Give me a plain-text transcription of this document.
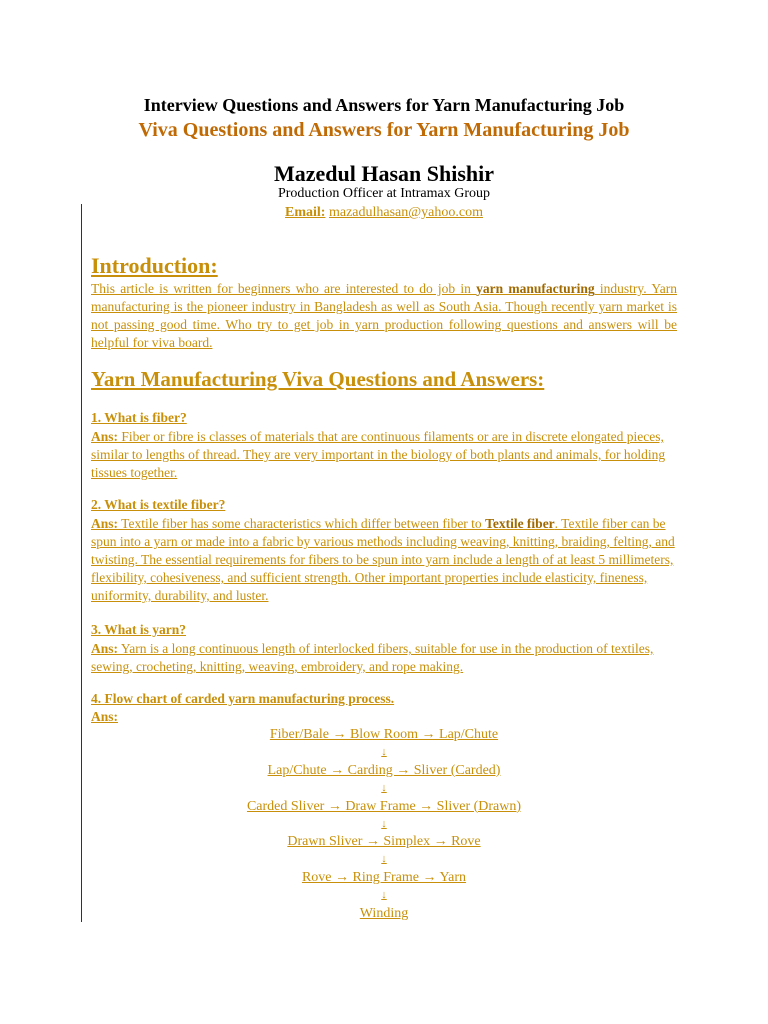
Interview Questions and Answers for Yarn Manufacturing Job
Viva Questions and Answers for Yarn Manufacturing Job
Mazedul Hasan Shishir
Production Officer at Intramax Group
Email: mazadulhasan@yahoo.com
Introduction:
This article is written for beginners who are interested to do job in yarn manufacturing industry. Yarn manufacturing is the pioneer industry in Bangladesh as well as South Asia. Though recently yarn market is not passing good time. Who try to get job in yarn production following questions and answers will be helpful for viva board.
Yarn Manufacturing Viva Questions and Answers:
1. What is fiber?
Ans: Fiber or fibre is classes of materials that are continuous filaments or are in discrete elongated pieces, similar to lengths of thread. They are very important in the biology of both plants and animals, for holding tissues together.
2. What is textile fiber?
Ans: Textile fiber has some characteristics which differ between fiber to Textile fiber. Textile fiber can be spun into a yarn or made into a fabric by various methods including weaving, knitting, braiding, felting, and twisting. The essential requirements for fibers to be spun into yarn include a length of at least 5 millimeters, flexibility, cohesiveness, and sufficient strength. Other important properties include elasticity, fineness, uniformity, durability, and luster.
3. What is yarn?
Ans: Yarn is a long continuous length of interlocked fibers, suitable for use in the production of textiles, sewing, crocheting, knitting, weaving, embroidery, and rope making.
4. Flow chart of carded yarn manufacturing process.
Ans:
Fiber/Bale → Blow Room → Lap/Chute
↓
Lap/Chute → Carding → Sliver (Carded)
↓
Carded Sliver → Draw Frame → Sliver (Drawn)
↓
Drawn Sliver → Simplex → Rove
↓
Rove → Ring Frame → Yarn
↓
Winding
